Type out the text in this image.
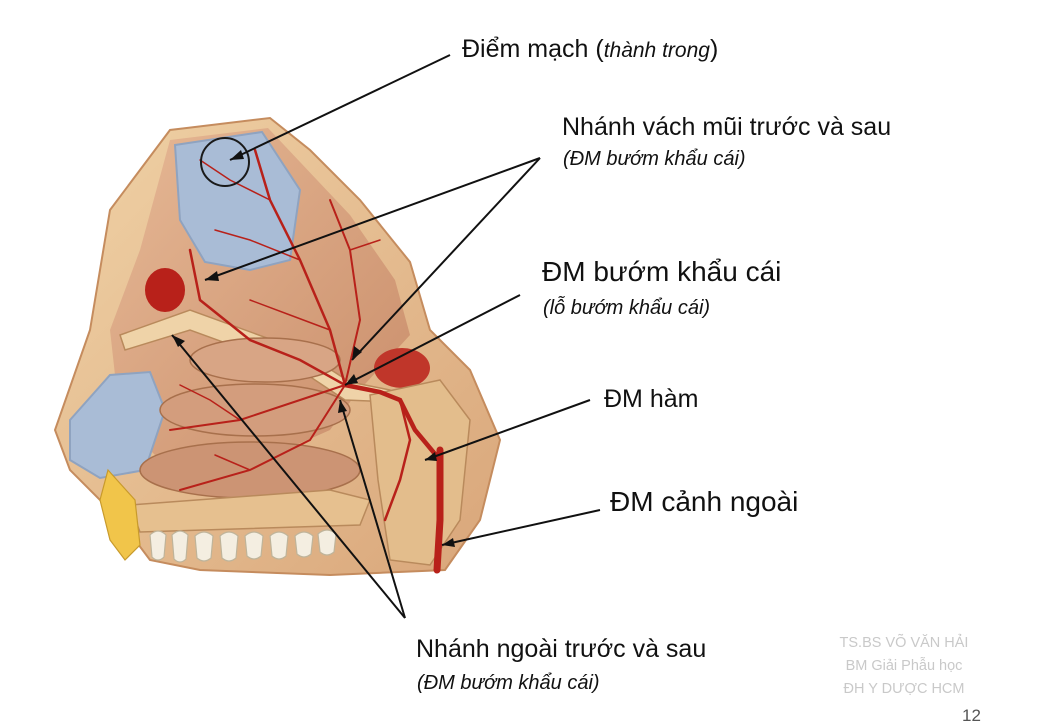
Điểm mạch (thành trong)
Nhánh vách mũi trước và sau
(ĐM bướm khẩu cái)
ĐM bướm khẩu cái
(lỗ bướm khẩu cái)
ĐM hàm
ĐM cảnh ngoài
Nhánh ngoài trước và sau
(ĐM bướm khẩu cái)
TS.BS VÕ VĂN HẢI
BM Giải Phẫu học
ĐH Y DƯỢC HCM
12
